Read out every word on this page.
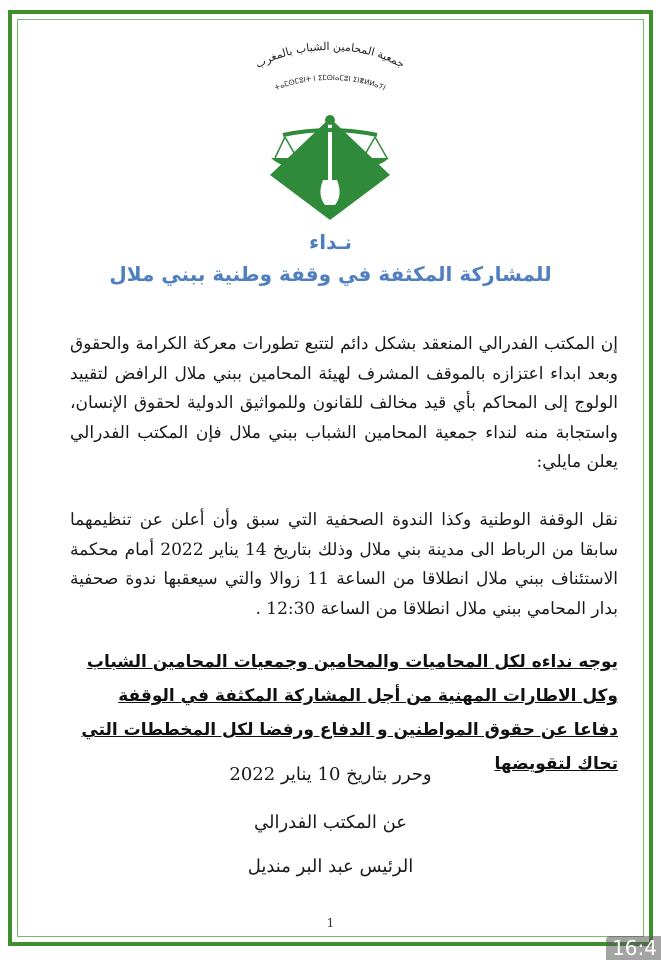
جمعية المحامين الشباب بالمغرب
ⵜⴰⵎⵙⵎⵓⵏⵜ ⵏ ⵉⵎⵙⵏⴰⵎⵓⵏ ⵉⵏⴻⵍⵍⴰⵢⵏ
نـداء
للمشاركة المكثفة في وقفة وطنية ببني ملال
إن المكتب الفدرالي المنعقد بشكل دائم لتتبع تطورات معركة الكرامة والحقوق وبعد ابداء اعتزازه بالموقف المشرف لهيئة المحامين ببني ملال الرافض لتقييد الولوج إلى المحاكم بأي قيد مخالف للقانون وللمواثيق الدولية لحقوق الإنسان، واستجابة منه لنداء جمعية المحامين الشباب ببني ملال فإن المكتب الفدرالي يعلن مايلي:
نقل الوقفة الوطنية وكذا الندوة الصحفية التي سبق وأن أعلن عن تنظيمهما سابقا من الرباط الى مدينة بني ملال وذلك بتاريخ 14 يناير 2022 أمام محكمة الاستئناف ببني ملال انطلاقا من الساعة 11 زوالا والتي سيعقبها ندوة صحفية بدار المحامي ببني ملال انطلاقا من الساعة 12:30 .
يوجه نداءه لكل المحاميات والمحامين وجمعيات المحامين الشباب وكل الاطارات المهنية من أجل المشاركة المكثفة في الوقفة دفاعا عن حقوق المواطنين و الدفاع ورفضا لكل المخططات التي تحاك لتقويضها
وحرر بتاريخ 10 يناير 2022
عن المكتب الفدرالي
الرئيس عبد البر منديل
1
16:4
